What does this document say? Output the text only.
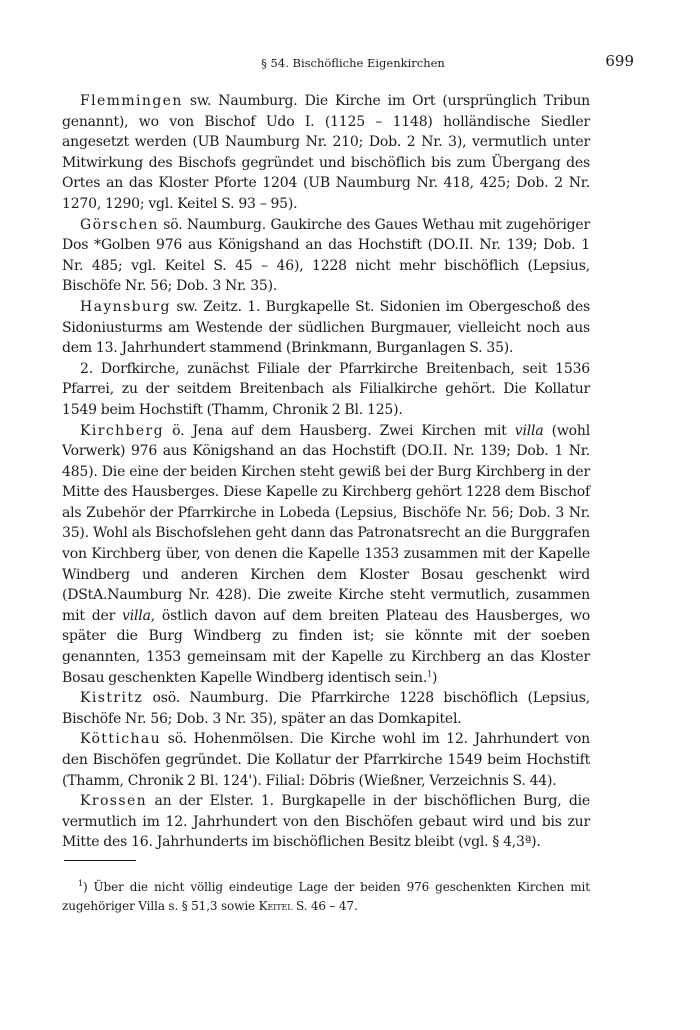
§ 54. Bischöfliche Eigenkirchen	699

Flemmingen sw. Naumburg. Die Kirche im Ort (ursprünglich Tribun genannt), wo von Bischof Udo I. (1125 – 1148) holländische Siedler angesetzt werden (UB Naumburg Nr. 210; Dob. 2 Nr. 3), vermutlich unter Mitwirkung des Bischofs gegründet und bischöflich bis zum Übergang des Ortes an das Kloster Pforte 1204 (UB Naumburg Nr. 418, 425; Dob. 2 Nr. 1270, 1290; vgl. Keitel S. 93 – 95).

Görschen sö. Naumburg. Gaukirche des Gaues Wethau mit zugehöriger Dos *Golben 976 aus Königshand an das Hochstift (DO.II. Nr. 139; Dob. 1 Nr. 485; vgl. Keitel S. 45 – 46), 1228 nicht mehr bischöflich (Lepsius, Bischöfe Nr. 56; Dob. 3 Nr. 35).

Haynsburg sw. Zeitz. 1. Burgkapelle St. Sidonien im Obergeschoß des Sidoniusturms am Westende der südlichen Burgmauer, vielleicht noch aus dem 13. Jahrhundert stammend (Brinkmann, Burganlagen S. 35).

2. Dorfkirche, zunächst Filiale der Pfarrkirche Breitenbach, seit 1536 Pfarrei, zu der seitdem Breitenbach als Filialkirche gehört. Die Kollatur 1549 beim Hochstift (Thamm, Chronik 2 Bl. 125).

Kirchberg ö. Jena auf dem Hausberg. Zwei Kirchen mit villa (wohl Vorwerk) 976 aus Königshand an das Hochstift (DO.II. Nr. 139; Dob. 1 Nr. 485). Die eine der beiden Kirchen steht gewiß bei der Burg Kirchberg in der Mitte des Hausberges. Diese Kapelle zu Kirchberg gehört 1228 dem Bischof als Zubehör der Pfarrkirche in Lobeda (Lepsius, Bischöfe Nr. 56; Dob. 3 Nr. 35). Wohl als Bischofslehen geht dann das Patronatsrecht an die Burggrafen von Kirchberg über, von denen die Kapelle 1353 zusammen mit der Kapelle Windberg und anderen Kirchen dem Kloster Bosau geschenkt wird (DStA.Naumburg Nr. 428). Die zweite Kirche steht vermutlich, zusammen mit der villa, östlich davon auf dem breiten Plateau des Hausberges, wo später die Burg Windberg zu finden ist; sie könnte mit der soeben genannten, 1353 gemeinsam mit der Kapelle zu Kirchberg an das Kloster Bosau geschenkten Kapelle Windberg identisch sein.$^1$)

Kistritz osö. Naumburg. Die Pfarrkirche 1228 bischöflich (Lepsius, Bischöfe Nr. 56; Dob. 3 Nr. 35), später an das Domkapitel.

Köttichau sö. Hohenmölsen. Die Kirche wohl im 12. Jahrhundert von den Bischöfen gegründet. Die Kollatur der Pfarrkirche 1549 beim Hochstift (Thamm, Chronik 2 Bl. 124'). Filial: Döbris (Wießner, Verzeichnis S. 44).

Krossen an der Elster. 1. Burgkapelle in der bischöflichen Burg, die vermutlich im 12. Jahrhundert von den Bischöfen gebaut wird und bis zur Mitte des 16. Jahrhunderts im bischöflichen Besitz bleibt (vgl. § 4,3ª).

$^1$) Über die nicht völlig eindeutige Lage der beiden 976 geschenkten Kirchen mit zugehöriger Villa s. § 51,3 sowie Keitel S. 46 – 47.
